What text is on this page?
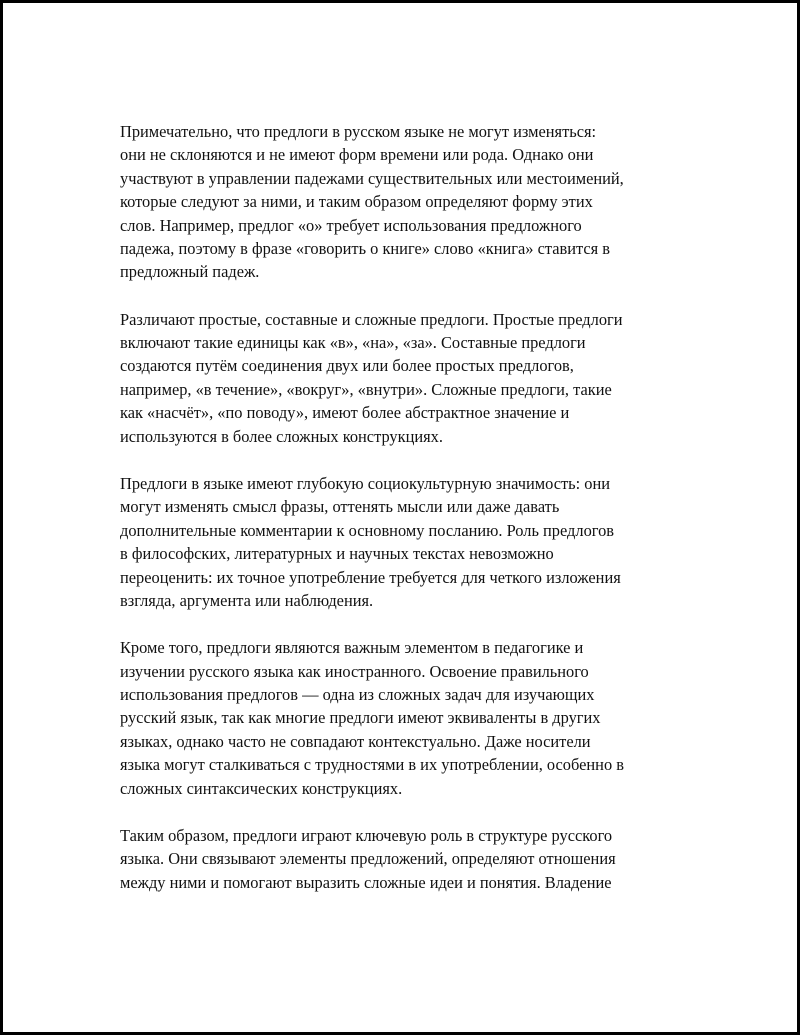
Примечательно, что предлоги в русском языке не могут изменяться:
они не склоняются и не имеют форм времени или рода. Однако они
участвуют в управлении падежами существительных или местоимений,
которые следуют за ними, и таким образом определяют форму этих
слов. Например, предлог «о» требует использования предложного
падежа, поэтому в фразе «говорить о книге» слово «книга» ставится в
предложный падеж.

Различают простые, составные и сложные предлоги. Простые предлоги
включают такие единицы как «в», «на», «за». Составные предлоги
создаются путём соединения двух или более простых предлогов,
например, «в течение», «вокруг», «внутри». Сложные предлоги, такие
как «насчёт», «по поводу», имеют более абстрактное значение и
используются в более сложных конструкциях.

Предлоги в языке имеют глубокую социокультурную значимость: они
могут изменять смысл фразы, оттенять мысли или даже давать
дополнительные комментарии к основному посланию. Роль предлогов
в философских, литературных и научных текстах невозможно
переоценить: их точное употребление требуется для четкого изложения
взгляда, аргумента или наблюдения.

Кроме того, предлоги являются важным элементом в педагогике и
изучении русского языка как иностранного. Освоение правильного
использования предлогов — одна из сложных задач для изучающих
русский язык, так как многие предлоги имеют эквиваленты в других
языках, однако часто не совпадают контекстуально. Даже носители
языка могут сталкиваться с трудностями в их употреблении, особенно в
сложных синтаксических конструкциях.

Таким образом, предлоги играют ключевую роль в структуре русского
языка. Они связывают элементы предложений, определяют отношения
между ними и помогают выразить сложные идеи и понятия. Владение
